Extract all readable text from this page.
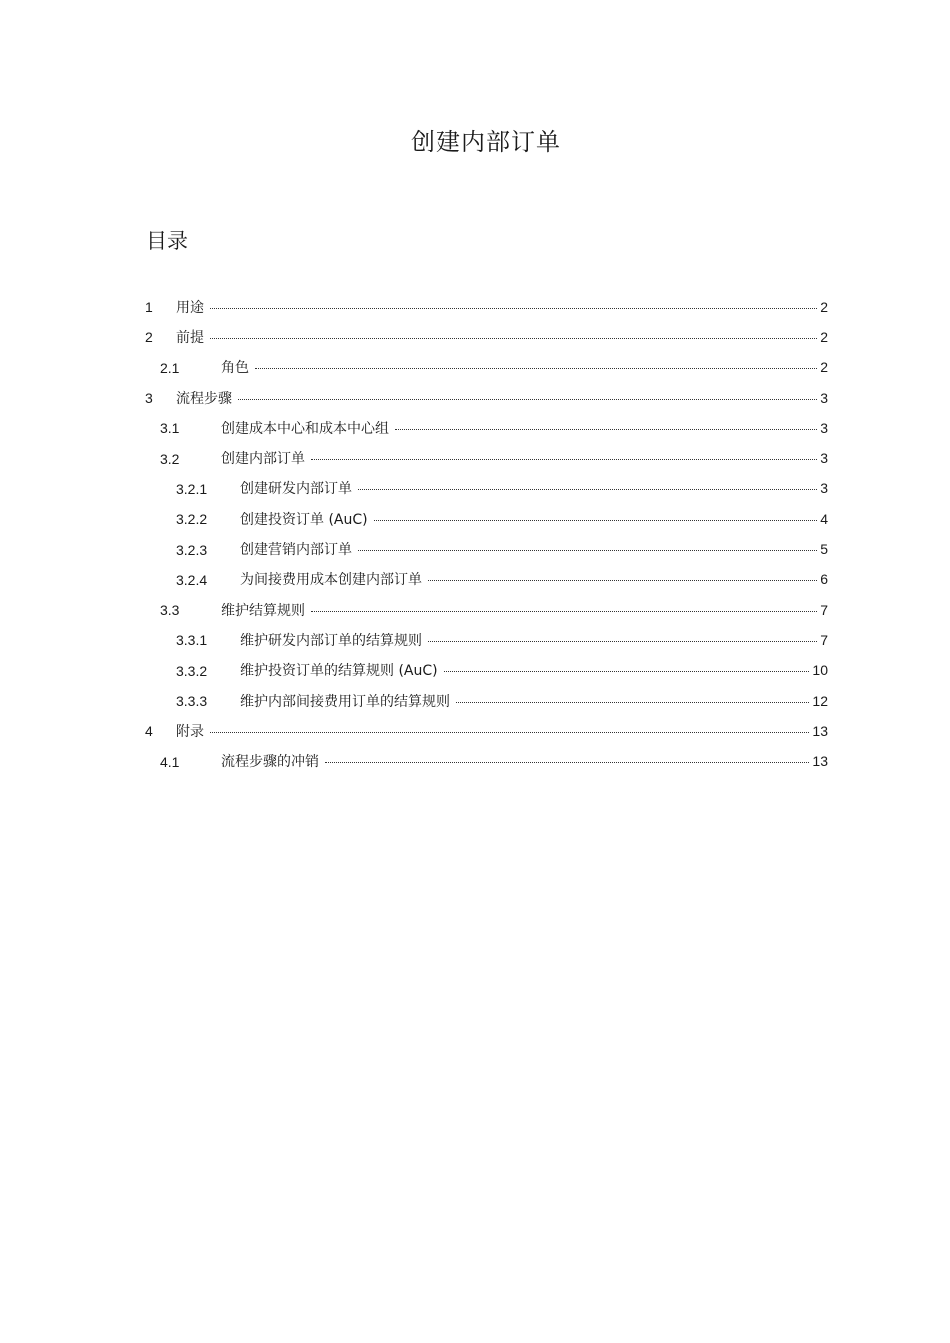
创建内部订单
目录
1 用途	2
2 前提	2
2.1	角色	2
3 流程步骤	3
3.1	创建成本中心和成本中心组	3
3.2	创建内部订单	3
3.2.1 创建研发内部订单	3
3.2.2 创建投资订单 (AuC)	4
3.2.3 创建营销内部订单	5
3.2.4 为间接费用成本创建内部订单	6
3.3	维护结算规则	7
3.3.1 维护研发内部订单的结算规则	7
3.3.2 维护投资订单的结算规则 (AuC)	10
3.3.3 维护内部间接费用订单的结算规则	12
4 附录	13
4.1	流程步骤的冲销	13
